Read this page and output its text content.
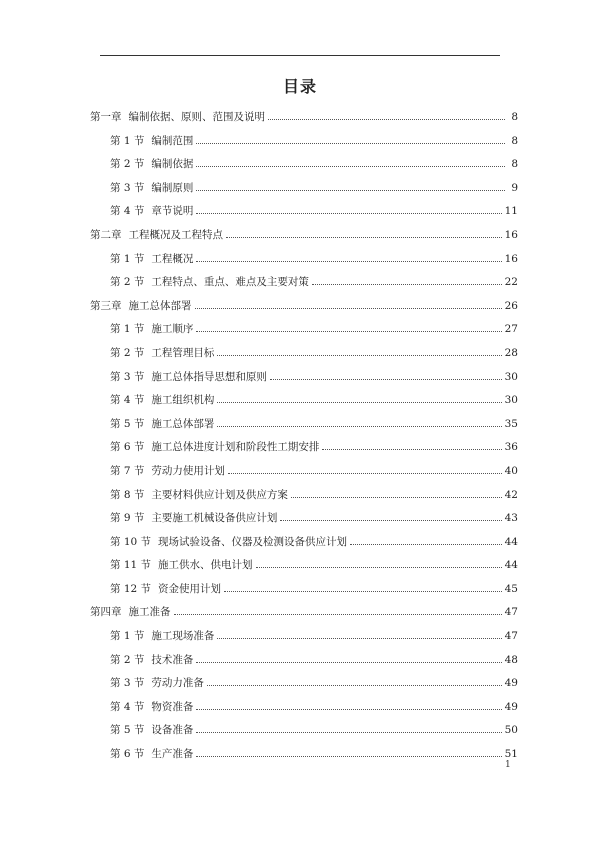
目录
第一章 编制依据、原则、范围及说明	8
第 1 节 编制范围	8
第 2 节 编制依据	8
第 3 节 编制原则	9
第 4 节 章节说明	11
第二章 工程概况及工程特点	16
第 1 节 工程概况	16
第 2 节 工程特点、重点、难点及主要对策	22
第三章 施工总体部署	26
第 1 节 施工顺序	27
第 2 节 工程管理目标	28
第 3 节 施工总体指导思想和原则	30
第 4 节 施工组织机构	30
第 5 节 施工总体部署	35
第 6 节 施工总体进度计划和阶段性工期安排	36
第 7 节 劳动力使用计划	40
第 8 节 主要材料供应计划及供应方案	42
第 9 节 主要施工机械设备供应计划	43
第 10 节 现场试验设备、仪器及检测设备供应计划	44
第 11 节 施工供水、供电计划	44
第 12 节 资金使用计划	45
第四章 施工准备	47
第 1 节 施工现场准备	47
第 2 节 技术准备	48
第 3 节 劳动力准备	49
第 4 节 物资准备	49
第 5 节 设备准备	50
第 6 节 生产准备	51
1
